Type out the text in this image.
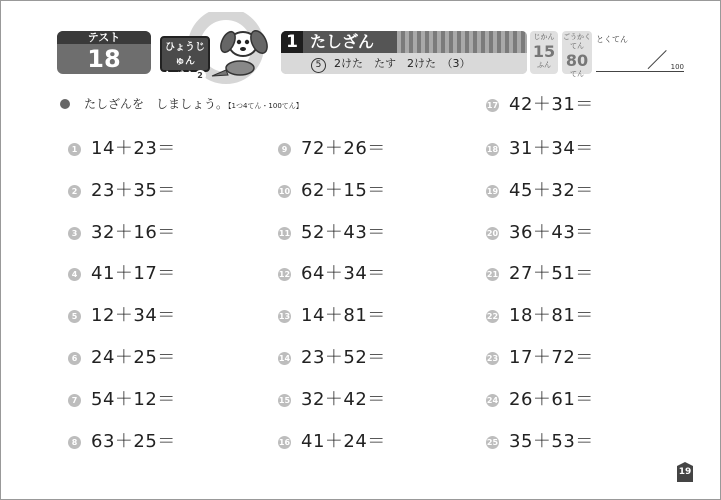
テスト
18	ひょうじゅん
レベル 2
1 たしざん
5 2けた　たす　2けた　（3）
じかん
15
ふん
ごうかくてん
80
てん
とくてん
100
たしざんを　しましょう。【1つ4てん・100てん】
1 14＋23＝
2 23＋35＝
3 32＋16＝
4 41＋17＝
5 12＋34＝
6 24＋25＝
7 54＋12＝
8 63＋25＝
9 72＋26＝
10 62＋15＝
11 52＋43＝
12 64＋34＝
13 14＋81＝
14 23＋52＝
15 32＋42＝
16 41＋24＝
17 42＋31＝
18 31＋34＝
19 45＋32＝
20 36＋43＝
21 27＋51＝
22 18＋81＝
23 17＋72＝
24 26＋61＝
25 35＋53＝
19
